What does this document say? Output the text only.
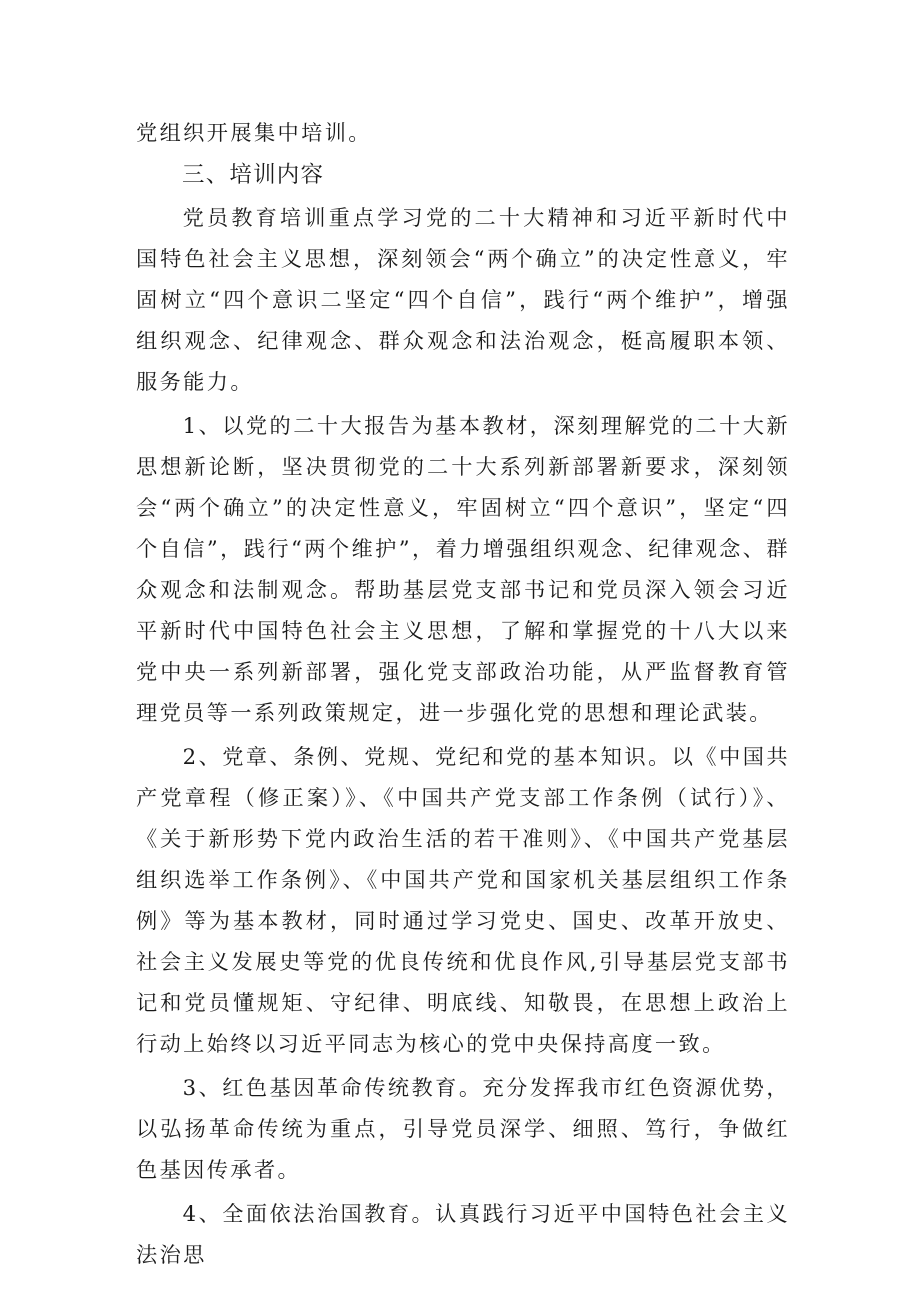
党组织开展集中培训。

三、培训内容

党员教育培训重点学习党的二十大精神和习近平新时代中国特色社会主义思想，深刻领会“两个确立”的决定性意义，牢固树立“四个意识二坚定“四个自信”，践行“两个维护”，增强组织观念、纪律观念、群众观念和法治观念，梃高履职本领、服务能力。

1、以党的二十大报告为基本教材，深刻理解党的二十大新思想新论断，坚决贯彻党的二十大系列新部署新要求，深刻领会“两个确立”的决定性意义，牢固树立“四个意识”，坚定“四个自信”，践行“两个维护”，着力增强组织观念、纪律观念、群众观念和法制观念。帮助基层党支部书记和党员深入领会习近平新时代中国特色社会主义思想，了解和掌握党的十八大以来党中央一系列新部署，强化党支部政治功能，从严监督教育管理党员等一系列政策规定，进一步强化党的思想和理论武装。

2、党章、条例、党规、党纪和党的基本知识。以《中国共产党章程（修正案）》、《中国共产党支部工作条例（试行）》、《关于新形势下党内政治生活的若干准则》、《中国共产党基层组织选举工作条例》、《中国共产党和国家机关基层组织工作条例》等为基本教材，同时通过学习党史、国史、改革开放史、社会主义发展史等党的优良传统和优良作风,引导基层党支部书记和党员懂规矩、守纪律、明底线、知敬畏，在思想上政治上行动上始终以习近平同志为核心的党中央保持高度一致。

3、红色基因革命传统教育。充分发挥我市红色资源优势，以弘扬革命传统为重点，引导党员深学、细照、笃行，争做红色基因传承者。

4、全面依法治国教育。认真践行习近平中国特色社会主义法治思
